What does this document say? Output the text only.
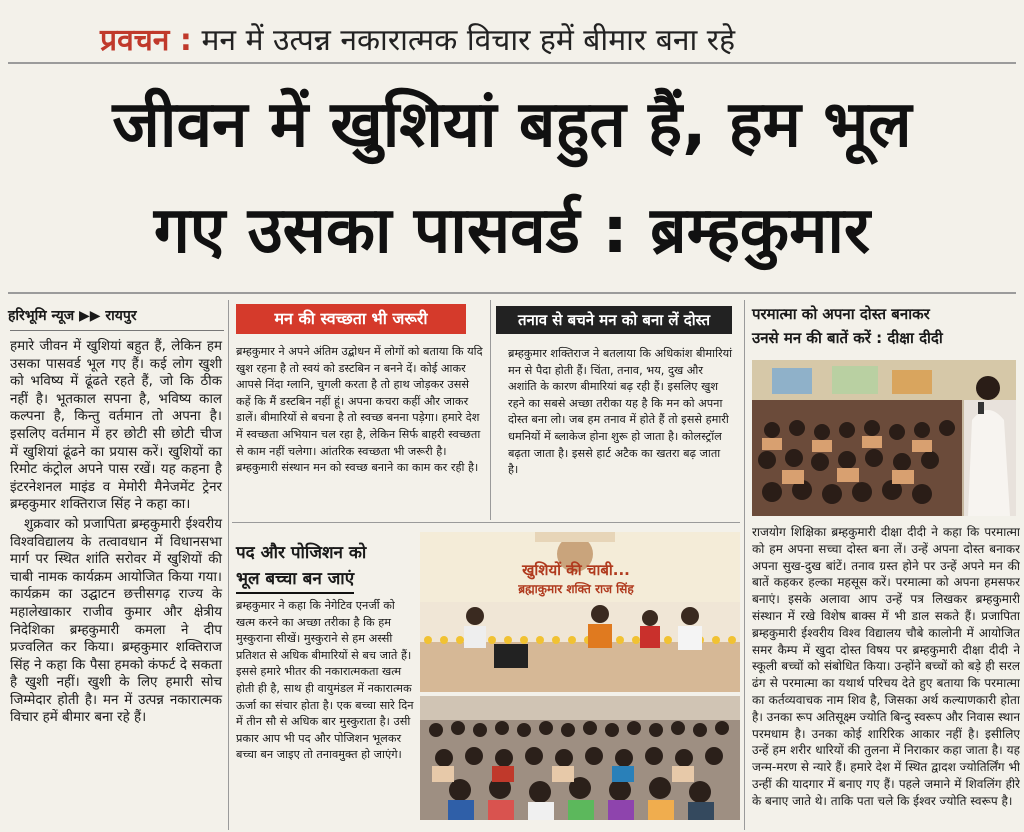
प्रवचन : मन में उत्पन्न नकारात्मक विचार हमें बीमार बना रहे
जीवन में खुशियां बहुत हैं, हम भूल
गए उसका पासवर्ड : ब्रम्हकुमार
हरिभूमि न्यूज ▶▶ रायपुर

हमारे जीवन में खुशियां बहुत हैं, लेकिन हम उसका पासवर्ड भूल गए हैं। कई लोग खुशी को भविष्य में ढूंढते रहते हैं, जो कि ठीक नहीं है। भूतकाल सपना है, भविष्य काल कल्पना है, किन्तु वर्तमान तो अपना है। इसलिए वर्तमान में हर छोटी सी छोटी चीज में खुशियां ढूंढने का प्रयास करें। खुशियों का रिमोट कंट्रोल अपने पास रखें। यह कहना है इंटरनेशनल माइंड व मेमोरी मैनेजमेंट ट्रेनर ब्रम्हकुमार शक्तिराज सिंह ने कहा का।

शुक्रवार को प्रजापिता ब्रम्हकुमारी ईश्वरीय विश्वविद्यालय के तत्वावधान में विधानसभा मार्ग पर स्थित शांति सरोवर में खुशियों की चाबी नामक कार्यक्रम आयोजित किया गया। कार्यक्रम का उद्घाटन छत्तीसगढ़ राज्य के महालेखाकार राजीव कुमार और क्षेत्रीय निदेशिका ब्रम्हकुमारी कमला ने दीप प्रज्वलित कर किया। ब्रम्हकुमार शक्तिराज सिंह ने कहा कि पैसा हमको कंफर्ट दे सकता है खुशी नहीं। खुशी के लिए हमारी सोच जिम्मेदार होती है। मन में उत्पन्न नकारात्मक विचार हमें बीमार बना रहे हैं।

मन की स्वच्छता भी जरूरी

ब्रम्हकुमार ने अपने अंतिम उद्बोधन में लोगों को बताया कि यदि खुश रहना है तो स्वयं को डस्टबिन न बनने दें। कोई आकर आपसे निंदा ग्लानि, चुगली करता है तो हाथ जोड़कर उससे कहें कि मैं डस्टबिन नहीं हूं। अपना कचरा कहीं और जाकर डालें। बीमारियों से बचना है तो स्वच्छ बनना पड़ेगा। हमारे देश में स्वच्छता अभियान चल रहा है, लेकिन सिर्फ बाहरी स्वच्छता से काम नहीं चलेगा। आंतरिक स्वच्छता भी जरूरी है। ब्रम्हकुमारी संस्थान मन को स्वच्छ बनाने का काम कर रही है।

तनाव से बचने मन को बना लें दोस्त

ब्रम्हकुमार शक्तिराज ने बतलाया कि अधिकांश बीमारियां मन से पैदा होती हैं। चिंता, तनाव, भय, दुख और अशांति के कारण बीमारियां बढ़ रही हैं। इसलिए खुश रहने का सबसे अच्छा तरीका यह है कि मन को अपना दोस्त बना लो। जब हम तनाव में होते हैं तो इससे हमारी धमनियों में ब्लाकेज होना शुरू हो जाता है। कोलस्ट्रॉल बढ़ता जाता है। इससे हार्ट अटैक का खतरा बढ़ जाता है।

परमात्मा को अपना दोस्त बनाकर
उनसे मन की बातें करें : दीक्षा दीदी
राजयोग शिक्षिका ब्रम्हकुमारी दीक्षा दीदी ने कहा कि परमात्मा को हम अपना सच्चा दोस्त बना लें। उन्हें अपना दोस्त बनाकर अपना सुख-दुख बांटें। तनाव ग्रस्त होने पर उन्हें अपने मन की बातें कहकर हल्का महसूस करें। परमात्मा को अपना हमसफर बनाएं। इसके अलावा आप उन्हें पत्र लिखकर ब्रम्हकुमारी संस्थान में रखे विशेष बाक्स में भी डाल सकते हैं। प्रजापिता ब्रम्हकुमारी ईश्वरीय विश्व विद्यालय चौबे कालोनी में आयोजित समर कैम्प में खुदा दोस्त विषय पर ब्रम्हकुमारी दीक्षा दीदी ने स्कूली बच्चों को संबोधित किया। उन्होंने बच्चों को बड़े ही सरल ढंग से परमात्मा का यथार्थ परिचय देते हुए बताया कि परमात्मा का कर्तव्यवाचक नाम शिव है, जिसका अर्थ कल्याणकारी होता है। उनका रूप अतिसूक्ष्म ज्योति बिन्दु स्वरूप और निवास स्थान परमधाम है। उनका कोई शारिरिक आकार नहीं है। इसीलिए उन्हें हम शरीर धारियों की तुलना में निराकार कहा जाता है। यह जन्म-मरण से न्यारे हैं। हमारे देश में स्थित द्वादश ज्योतिर्लिंग भी उन्हीं की यादगार में बनाए गए हैं। पहले जमाने में शिवलिंग हीरे के बनाए जाते थे। ताकि पता चले कि ईश्वर ज्योति स्वरूप है।
पद और पोजिशन को
भूल बच्चा बन जाएं

ब्रम्हकुमार ने कहा कि नेगेटिव एनर्जी को खत्म करने का अच्छा तरीका है कि हम मुस्कुराना सीखें। मुस्कुराने से हम अस्सी प्रतिशत से अधिक बीमारियों से बच जाते हैं। इससे हमारे भीतर की नकारात्मकता खत्म होती ही है, साथ ही वायुमंडल में नकारात्मक ऊर्जा का संचार होता है। एक बच्चा सारे दिन में तीन सौ से अधिक बार मुस्कुराता है। उसी प्रकार आप भी पद और पोजिशन भूलकर बच्चा बन जाइए तो तनावमुक्त हो जाएंगे।

खुशियों की चाबी...
ब्रह्माकुमार शक्ति राज सिंह
